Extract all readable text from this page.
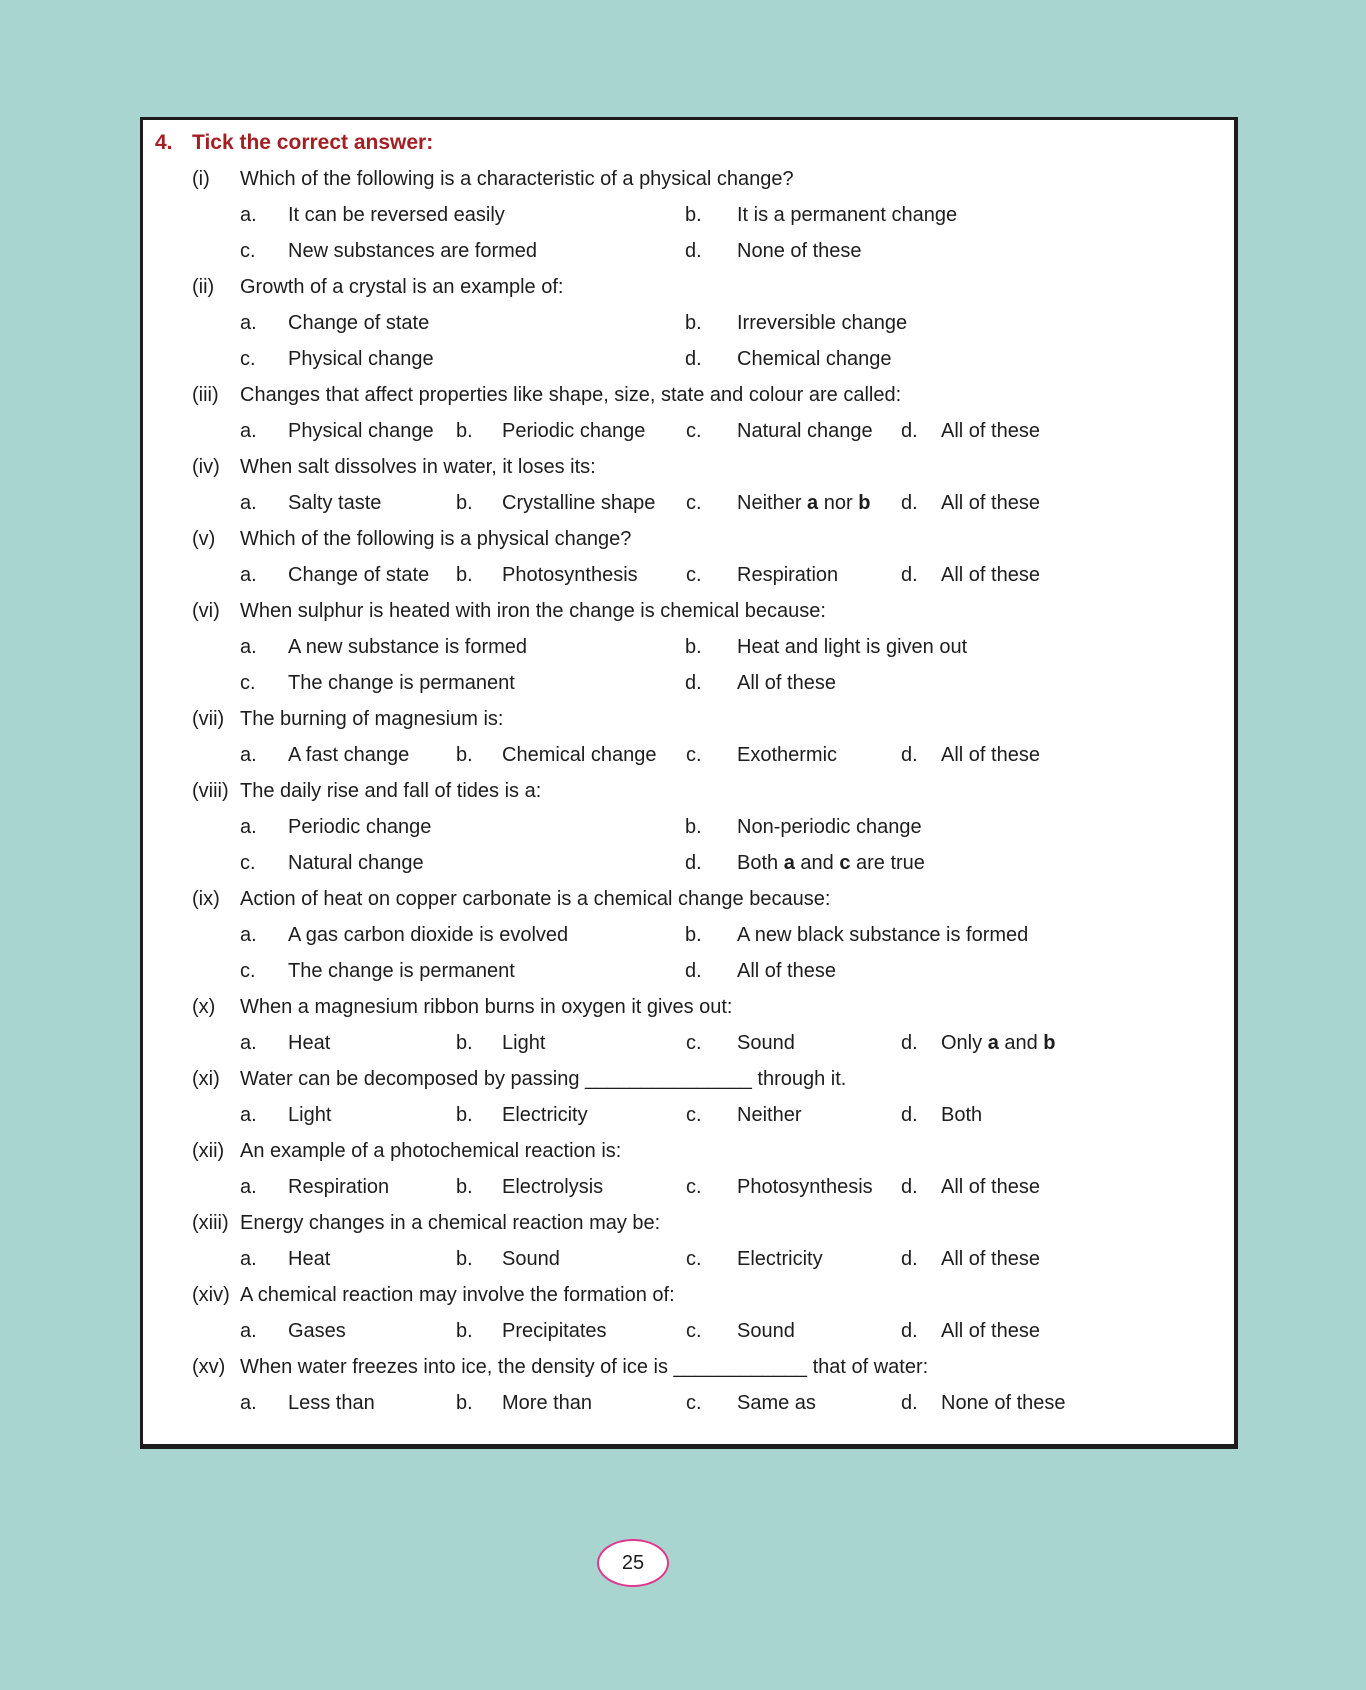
4. Tick the correct answer:
(i)	Which of the following is a characteristic of a physical change?
a.	It can be reversed easily	b.	It is a permanent change
c.	New substances are formed	d.	None of these
(ii)	Growth of a crystal is an example of:
a.	Change of state	b.	Irreversible change
c.	Physical change	d.	Chemical change
(iii)	Changes that affect properties like shape, size, state and colour are called:
a.	Physical change	b.	Periodic change	c.	Natural change	d.	All of these
(iv)	When salt dissolves in water, it loses its:
a.	Salty taste	b.	Crystalline shape	c.	Neither a nor b	d.	All of these
(v)	Which of the following is a physical change?
a.	Change of state	b.	Photosynthesis	c.	Respiration	d.	All of these
(vi)	When sulphur is heated with iron the change is chemical because:
a.	A new substance is formed	b.	Heat and light is given out
c.	The change is permanent	d.	All of these
(vii) The burning of magnesium is:
a.	A fast change	b.	Chemical change	c.	Exothermic	d.	All of these
(viii) The daily rise and fall of tides is a:
a.	Periodic change	b.	Non-periodic change
c.	Natural change	d.	Both a and c are true
(ix)	Action of heat on copper carbonate is a chemical change because:
a.	A gas carbon dioxide is evolved	b.	A new black substance is formed
c.	The change is permanent	d.	All of these
(x)	When a magnesium ribbon burns in oxygen it gives out:
a.	Heat	b.	Light	c.	Sound	d.	Only a and b
(xi)	Water can be decomposed by passing _______________ through it.
a.	Light	b.	Electricity	c.	Neither	d.	Both
(xii) An example of a photochemical reaction is:
a.	Respiration	b.	Electrolysis	c.	Photosynthesis	d.	All of these
(xiii) Energy changes in a chemical reaction may be:
a.	Heat	b.	Sound	c.	Electricity	d.	All of these
(xiv) A chemical reaction may involve the formation of:
a.	Gases	b.	Precipitates	c.	Sound	d.	All of these
(xv) When water freezes into ice, the density of ice is ____________ that of water:
a.	Less than	b.	More than	c.	Same as	d.	None of these
25
